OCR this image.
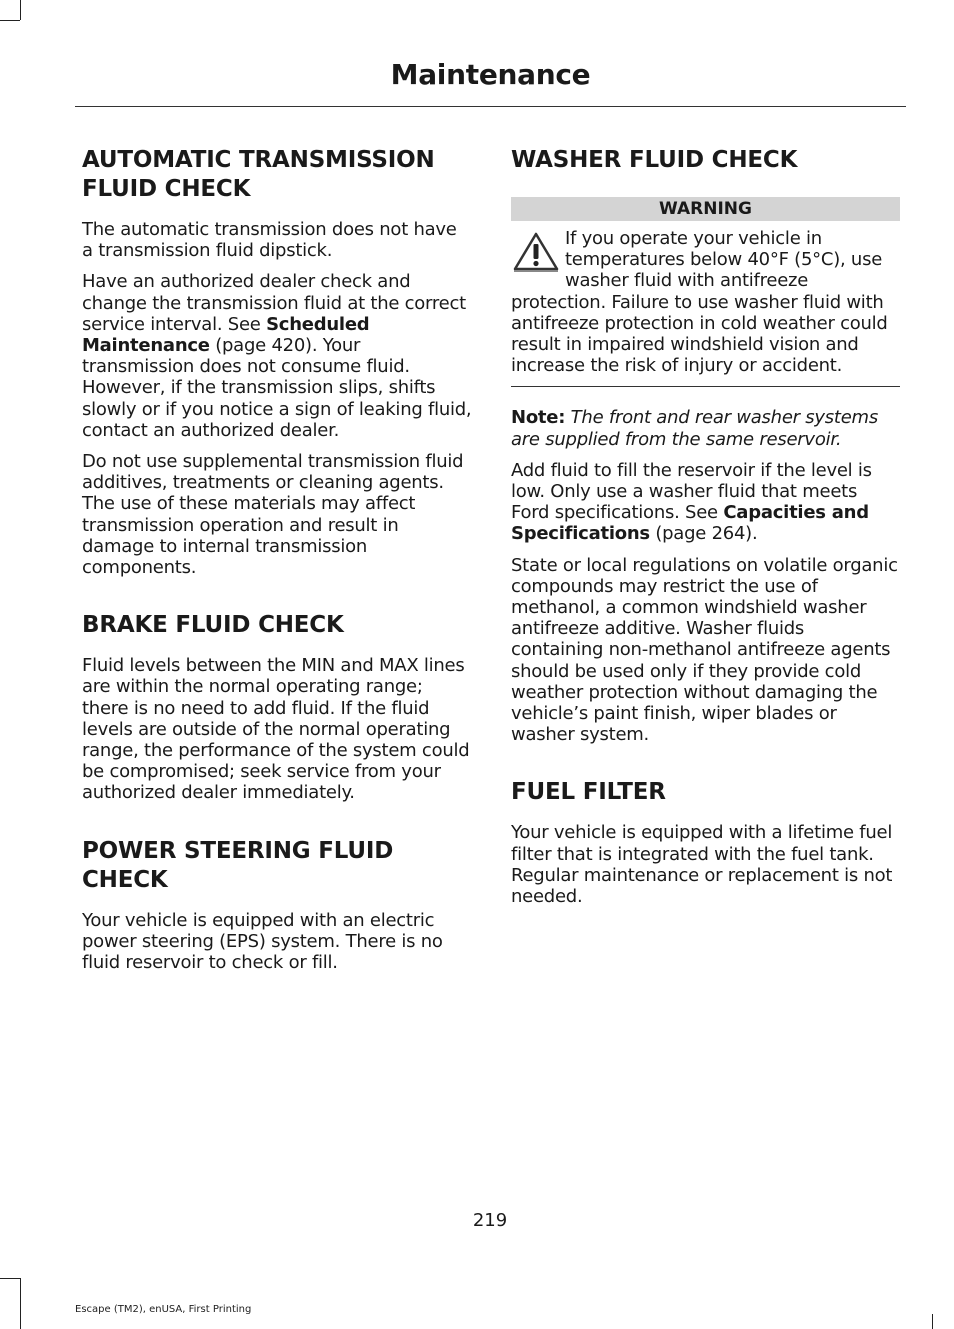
Maintenance
AUTOMATIC TRANSMISSION FLUID CHECK

The automatic transmission does not have a transmission fluid dipstick.

Have an authorized dealer check and change the transmission fluid at the correct service interval. See Scheduled Maintenance (page 420). Your transmission does not consume fluid. However, if the transmission slips, shifts slowly or if you notice a sign of leaking fluid, contact an authorized dealer.

Do not use supplemental transmission fluid additives, treatments or cleaning agents. The use of these materials may affect transmission operation and result in damage to internal transmission components.

BRAKE FLUID CHECK

Fluid levels between the MIN and MAX lines are within the normal operating range; there is no need to add fluid. If the fluid levels are outside of the normal operating range, the performance of the system could be compromised; seek service from your authorized dealer immediately.

POWER STEERING FLUID CHECK

Your vehicle is equipped with an electric power steering (EPS) system. There is no fluid reservoir to check or fill.

WASHER FLUID CHECK
WARNING
If you operate your vehicle in temperatures below 40°F (5°C), use washer fluid with antifreeze protection. Failure to use washer fluid with antifreeze protection in cold weather could result in impaired windshield vision and increase the risk of injury or accident.

Note: The front and rear washer systems are supplied from the same reservoir.

Add fluid to fill the reservoir if the level is low. Only use a washer fluid that meets Ford specifications. See Capacities and Specifications (page 264).

State or local regulations on volatile organic compounds may restrict the use of methanol, a common windshield washer antifreeze additive. Washer fluids containing non-methanol antifreeze agents should be used only if they provide cold weather protection without damaging the vehicle’s paint finish, wiper blades or washer system.

FUEL FILTER

Your vehicle is equipped with a lifetime fuel filter that is integrated with the fuel tank. Regular maintenance or replacement is not needed.

219
Escape (TM2), enUSA, First Printing
